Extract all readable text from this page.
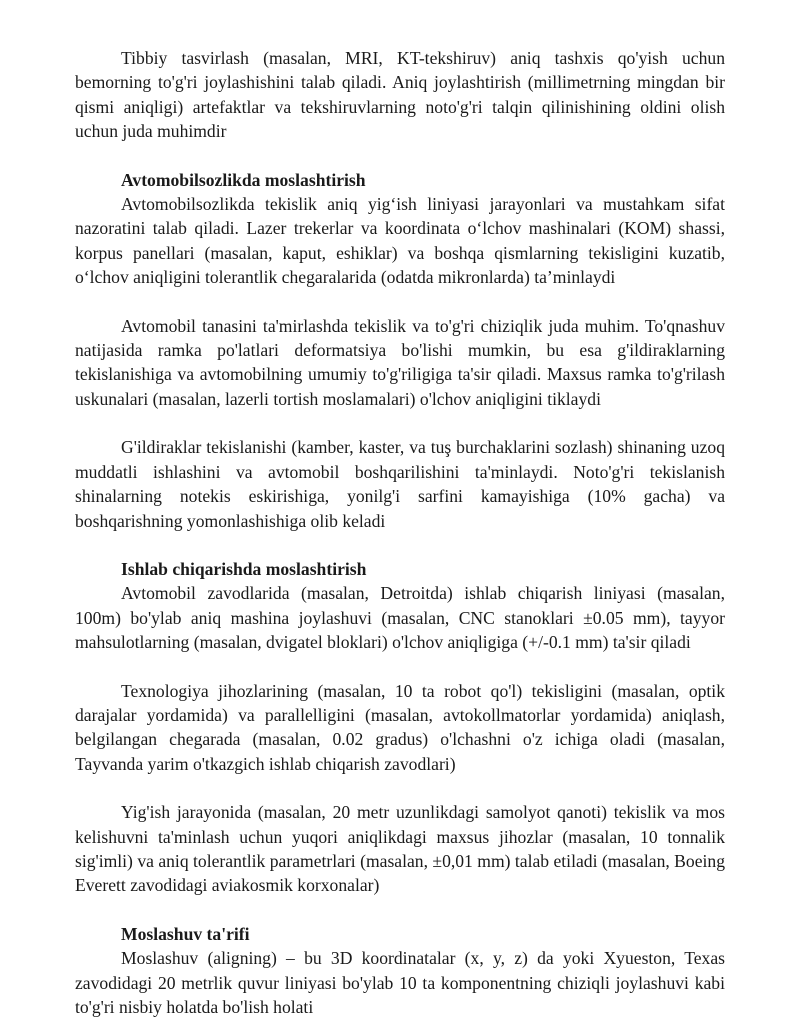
Tibbiy tasvirlash (masalan, MRI, KT-tekshiruv) aniq tashxis qo'yish uchun bemorning to'g'ri joylashishini talab qiladi. Aniq joylashtirish (millimetrning mingdan bir qismi aniqligi) artefaktlar va tekshiruvlarning noto'g'ri talqin qilinishining oldini olish uchun juda muhimdir

Avtomobilsozlikda moslashtirish

Avtomobilsozlikda tekislik aniq yig‘ish liniyasi jarayonlari va mustahkam sifat nazoratini talab qiladi. Lazer trekerlar va koordinata o‘lchov mashinalari (KOM) shassi, korpus panellari (masalan, kaput, eshiklar) va boshqa qismlarning tekisligini kuzatib, o‘lchov aniqligini tolerantlik chegaralarida (odatda mikronlarda) ta’minlaydi

Avtomobil tanasini ta'mirlashda tekislik va to'g'ri chiziqlik juda muhim. To'qnashuv natijasida ramka po'latlari deformatsiya bo'lishi mumkin, bu esa g'ildiraklarning tekislanishiga va avtomobilning umumiy to'g'riligiga ta'sir qiladi. Maxsus ramka to'g'rilash uskunalari (masalan, lazerli tortish moslamalari) o'lchov aniqligini tiklaydi

G'ildiraklar tekislanishi (kamber, kaster, va tuş burchaklarini sozlash) shinaning uzoq muddatli ishlashini va avtomobil boshqarilishini ta'minlaydi. Noto'g'ri tekislanish shinalarning notekis eskirishiga, yonilg'i sarfini kamayishiga (10% gacha) va boshqarishning yomonlashishiga olib keladi

Ishlab chiqarishda moslashtirish

Avtomobil zavodlarida (masalan, Detroitda) ishlab chiqarish liniyasi (masalan, 100m) bo'ylab aniq mashina joylashuvi (masalan, CNC stanoklari ±0.05 mm), tayyor mahsulotlarning (masalan, dvigatel bloklari) o'lchov aniqligiga (+/-0.1 mm) ta'sir qiladi

Texnologiya jihozlarining (masalan, 10 ta robot qo'l) tekisligini (masalan, optik darajalar yordamida) va parallelligini (masalan, avtokollmatorlar yordamida) aniqlash, belgilangan chegarada (masalan, 0.02 gradus) o'lchashni o'z ichiga oladi (masalan, Tayvanda yarim o'tkazgich ishlab chiqarish zavodlari)

Yig'ish jarayonida (masalan, 20 metr uzunlikdagi samolyot qanoti) tekislik va mos kelishuvni ta'minlash uchun yuqori aniqlikdagi maxsus jihozlar (masalan, 10 tonnalik sig'imli) va aniq tolerantlik parametrlari (masalan, ±0,01 mm) talab etiladi (masalan, Boeing Everett zavodidagi aviakosmik korxonalar)

Moslashuv ta'rifi

Moslashuv (aligning) – bu 3D koordinatalar (x, y, z) da yoki Xyueston, Texas zavodidagi 20 metrlik quvur liniyasi bo'ylab 10 ta komponentning chiziqli joylashuvi kabi to'g'ri nisbiy holatda bo'lish holati
